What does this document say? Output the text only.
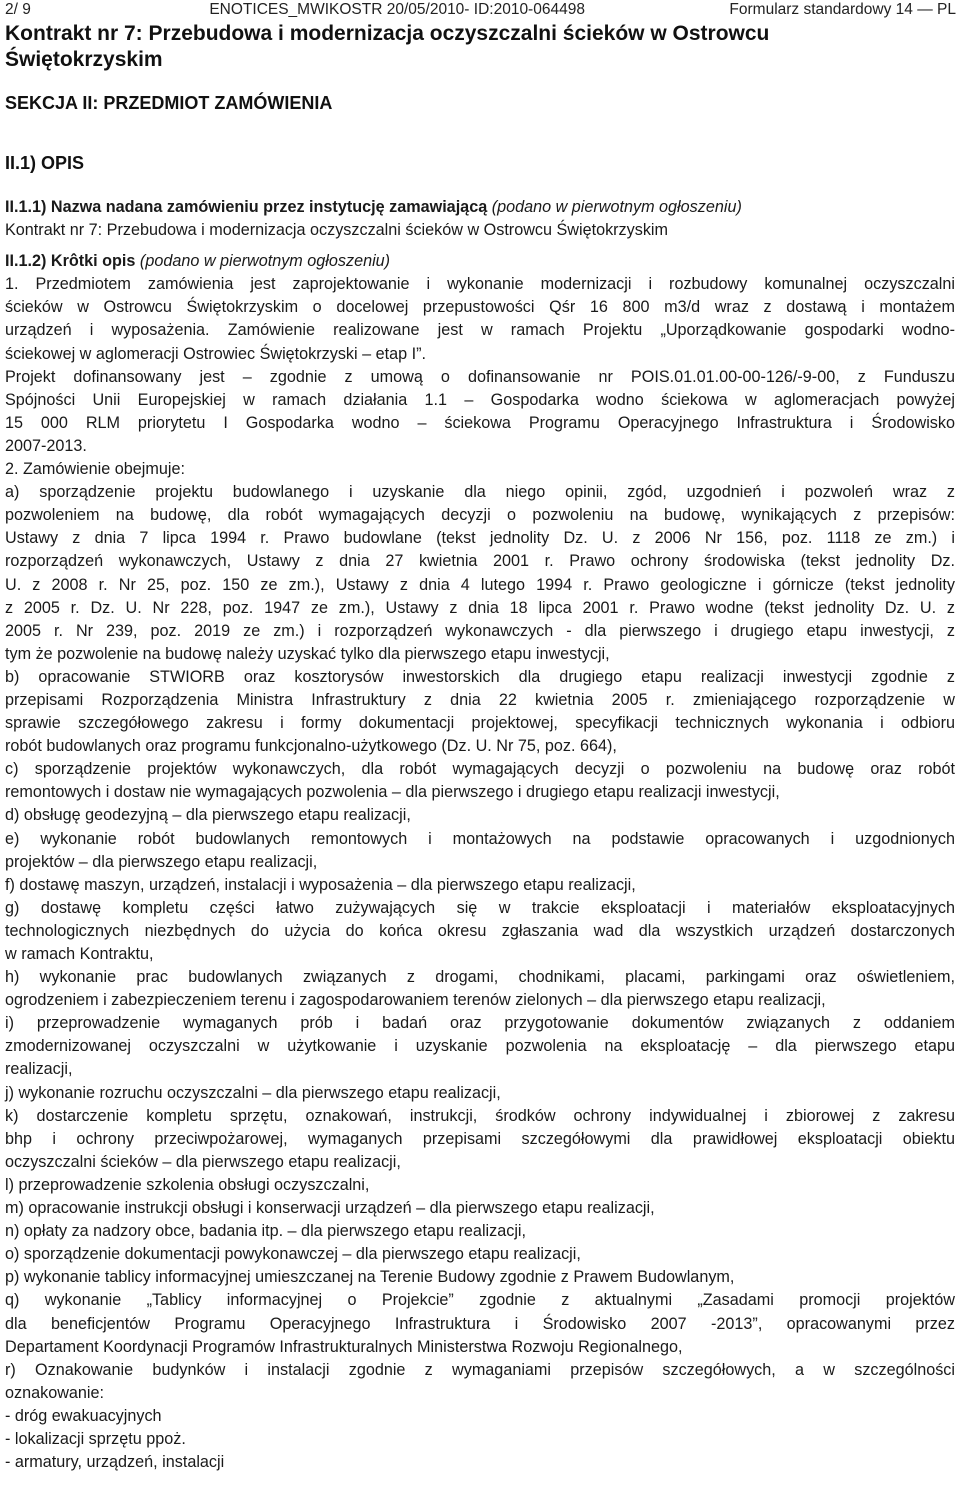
2/ 9	ENOTICES_MWIKOSTR 20/05/2010- ID:2010-064498	Formularz standardowy 14 — PL
Kontrakt nr 7: Przebudowa i modernizacja oczyszczalni ścieków w Ostrowcu
Świętokrzyskim
SEKCJA II: PRZEDMIOT ZAMÓWIENIA
II.1) OPIS

II.1.1) Nazwa nadana zamówieniu przez instytucję zamawiającą (podano w pierwotnym ogłoszeniu)

Kontrakt nr 7: Przebudowa i modernizacja oczyszczalni ścieków w Ostrowcu Świętokrzyskim

II.1.2) Krôtki opis (podano w pierwotnym ogłoszeniu)

1. Przedmiotem zamówienia jest zaprojektowanie i wykonanie modernizacji i rozbudowy komunalnej oczyszczalni

ścieków w Ostrowcu Świętokrzyskim o docelowej przepustowości Qśr 16 800 m3/d wraz z dostawą i montażem

urządzeń i wyposażenia. Zamówienie realizowane jest w ramach Projektu „Uporządkowanie gospodarki wodno-

ściekowej w aglomeracji Ostrowiec Świętokrzyski – etap I”.

Projekt dofinansowany jest – zgodnie z umową o dofinansowanie nr POIS.01.01.00-00-126/-9-00, z Funduszu

Spójności Unii Europejskiej w ramach działania 1.1 – Gospodarka wodno ściekowa w aglomeracjach powyżej

15 000 RLM priorytetu I Gospodarka wodno – ściekowa Programu Operacyjnego Infrastruktura i Środowisko

2007-2013.

2. Zamówienie obejmuje:

a) sporządzenie projektu budowlanego i uzyskanie dla niego opinii, zgód, uzgodnień i pozwoleń wraz z

pozwoleniem na budowę, dla robót wymagających decyzji o pozwoleniu na budowę, wynikających z przepisów:

Ustawy z dnia 7 lipca 1994 r. Prawo budowlane (tekst jednolity Dz. U. z 2006 Nr 156, poz. 1118 ze zm.) i

rozporządzeń wykonawczych, Ustawy z dnia 27 kwietnia 2001 r. Prawo ochrony środowiska (tekst jednolity Dz.

U. z 2008 r. Nr 25, poz. 150 ze zm.), Ustawy z dnia 4 lutego 1994 r. Prawo geologiczne i górnicze (tekst jednolity

z 2005 r. Dz. U. Nr 228, poz. 1947 ze zm.), Ustawy z dnia 18 lipca 2001 r. Prawo wodne (tekst jednolity Dz. U. z

2005 r. Nr 239, poz. 2019 ze zm.) i rozporządzeń wykonawczych - dla pierwszego i drugiego etapu inwestycji, z

tym że pozwolenie na budowę należy uzyskać tylko dla pierwszego etapu inwestycji,

b) opracowanie STWIORB oraz kosztorysów inwestorskich dla drugiego etapu realizacji inwestycji zgodnie z

przepisami Rozporządzenia Ministra Infrastruktury z dnia 22 kwietnia 2005 r. zmieniającego rozporządzenie w

sprawie szczegółowego zakresu i formy dokumentacji projektowej, specyfikacji technicznych wykonania i odbioru

robót budowlanych oraz programu funkcjonalno-użytkowego (Dz. U. Nr 75, poz. 664),

c) sporządzenie projektów wykonawczych, dla robót wymagających decyzji o pozwoleniu na budowę oraz robót

remontowych i dostaw nie wymagających pozwolenia – dla pierwszego i drugiego etapu realizacji inwestycji,

d) obsługę geodezyjną – dla pierwszego etapu realizacji,

e) wykonanie robót budowlanych remontowych i montażowych na podstawie opracowanych i uzgodnionych

projektów – dla pierwszego etapu realizacji,

f) dostawę maszyn, urządzeń, instalacji i wyposażenia – dla pierwszego etapu realizacji,

g) dostawę kompletu części łatwo zużywających się w trakcie eksploatacji i materiałów eksploatacyjnych

technologicznych niezbędnych do użycia do końca okresu zgłaszania wad dla wszystkich urządzeń dostarczonych

w ramach Kontraktu,

h) wykonanie prac budowlanych związanych z drogami, chodnikami, placami, parkingami oraz oświetleniem,

ogrodzeniem i zabezpieczeniem terenu i zagospodarowaniem terenów zielonych – dla pierwszego etapu realizacji,

i) przeprowadzenie wymaganych prób i badań oraz przygotowanie dokumentów związanych z oddaniem

zmodernizowanej oczyszczalni w użytkowanie i uzyskanie pozwolenia na eksploatację – dla pierwszego etapu

realizacji,

j) wykonanie rozruchu oczyszczalni – dla pierwszego etapu realizacji,

k) dostarczenie kompletu sprzętu, oznakowań, instrukcji, środków ochrony indywidualnej i zbiorowej z zakresu

bhp i ochrony przeciwpożarowej, wymaganych przepisami szczegółowymi dla prawidłowej eksploatacji obiektu

oczyszczalni ścieków – dla pierwszego etapu realizacji,

l) przeprowadzenie szkolenia obsługi oczyszczalni,

m) opracowanie instrukcji obsługi i konserwacji urządzeń – dla pierwszego etapu realizacji,

n) opłaty za nadzory obce, badania itp. – dla pierwszego etapu realizacji,

o) sporządzenie dokumentacji powykonawczej – dla pierwszego etapu realizacji,

p) wykonanie tablicy informacyjnej umieszczanej na Terenie Budowy zgodnie z Prawem Budowlanym,

q) wykonanie „Tablicy informacyjnej o Projekcie” zgodnie z aktualnymi „Zasadami promocji projektów

dla beneficjentów Programu Operacyjnego Infrastruktura i Środowisko 2007 -2013”, opracowanymi przez

Departament Koordynacji Programów Infrastrukturalnych Ministerstwa Rozwoju Regionalnego,

r) Oznakowanie budynków i instalacji zgodnie z wymaganiami przepisów szczegółowych, a w szczególności

oznakowanie:

- dróg ewakuacyjnych

- lokalizacji sprzętu ppoż.

- armatury, urządzeń, instalacji
